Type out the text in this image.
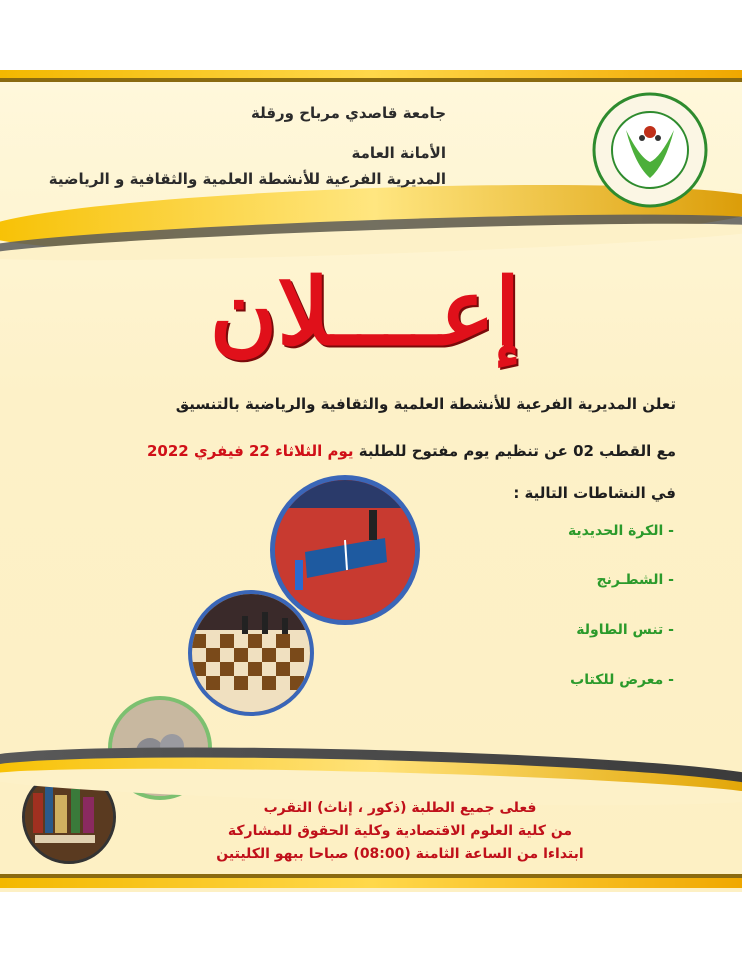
جامعة قاصدي مرباح ورقلة
الأمانة العامة
المديرية الفرعية للأنشطة العلمية والثقافية و الرياضية
إعــــلان
تعلن المديرية الفرعية للأنشطة العلمية والثقافية والرياضية بالتنسيق
مع القطب 02 عن تنظيم يوم مفتوح للطلبة يوم الثلاثاء 22 فيفري 2022
في النشاطات التالية :
- الكرة الحديدية
- الشطـرنج
- تنس الطاولة
- معرض للكتاب
فعلى جميع الطلبة (ذكور ، إناث) التقرب
من كلية العلوم الاقتصادية وكلية الحقوق للمشاركة
ابتداءا من الساعة الثامنة (08:00) صباحا ببهو الكليتين
